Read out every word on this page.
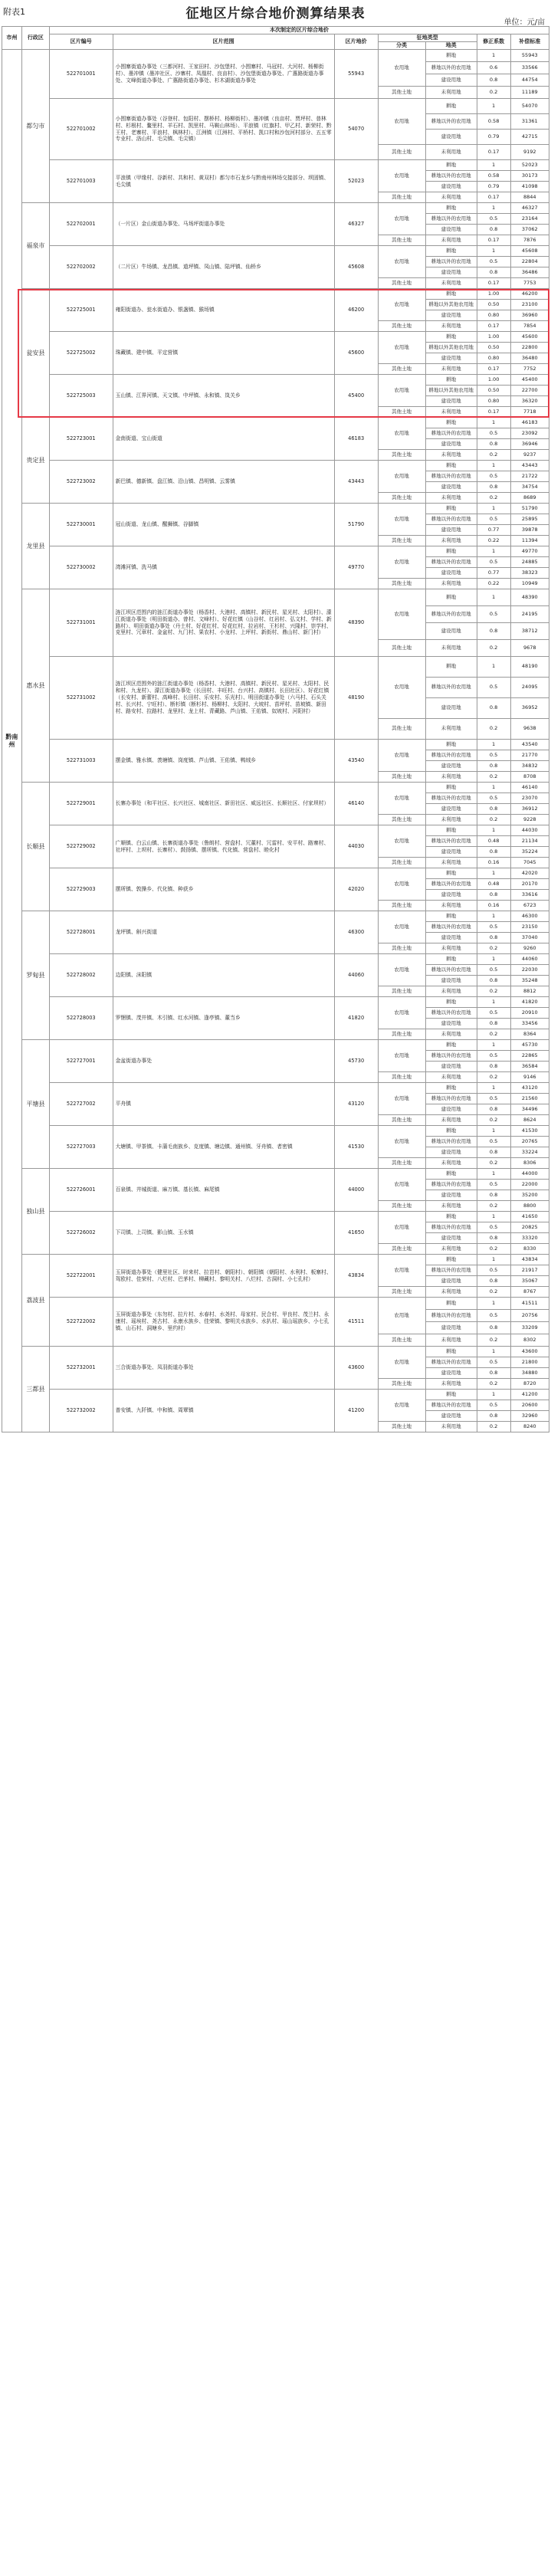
附表1	征地区片综合地价测算结果表
单位：元/亩
市州	行政区	本次制定的区片综合地价						
		区片编号	区片范围	区片地价	征地类型		修正系数	补偿标准
					分类	地类		
黔南州	都匀市	522701001	小围寨街道办事处（三都河村、王家田村、沙包堡村、小围寨村、马冠村、大河村、杨柳街村）、墨冲镇（墨冲社区、沙寨村、凤凰村、良亩村）、沙包堡街道办事处、广惠路街道办事处、文峰街道办事处、广惠路街道办事处、杉木湖街道办事处	55943	农用地	耕地	1	55943
						耕地以外的农用地	0.6	33566
						建设用地	0.8	44754
					其他土地	未利用地	0.2	11189
		522701002	小围寨街道办事处（谷登村、包阳村、摆桥村、杨柳街村）、墨冲镇（良亩村、贾坪村、普林村、杉根村、鳌里村、羊石村、凯里村、马鞍山林场）、平浪镇（红旗村、甲乙村、新荣村、黔王村、老寨村、平浪村、枫林村）、江洲镇（江洲村、平桥村、凯口村和沙包河村部分、五五零专业村、洛山村、毛尖镇、毛尖镇）	54070	农用地	耕地	1	54070
						耕地以外的农用地	0.58	31361
						建设用地	0.79	42715
					其他土地	未利用地	0.17	9192
		522701003	平浪镇（甲缘村、谷新村、共和村、黄双村）都匀市石龙乡与黔南州林场交接部分、坝固镇、毛尖镇	52023	农用地	耕地	1	52023
						耕地以外的农用地	0.58	30173
						建设用地	0.79	41098
					其他土地	未利用地	0.17	8844
	福泉市	522702001	（一片区）金山街道办事处、马场坪街道办事处	46327	农用地	耕地	1	46327
						耕地以外的农用地	0.5	23164
						建设用地	0.8	37062
					其他土地	未利用地	0.17	7876
		522702002	（二片区）牛场镇、龙昌镇、道坪镇、凤山镇、陆坪镇、仙桥乡	45608	农用地	耕地	1	45608
						耕地以外的农用地	0.5	22804
						建设用地	0.8	36486
					其他土地	未利用地	0.17	7753
	瓮安县	522725001	雍阳街道办、瓮水街道办、银盏镇、猴场镇	46200	农用地	耕地	1.00	46200
						耕地以外其他农用地	0.50	23100
						建设用地	0.80	36960
					其他土地	未利用地	0.17	7854
		522725002	珠藏镇、建中镇、平定营镇	45600	农用地	耕地	1.00	45600
						耕地以外其他农用地	0.50	22800
						建设用地	0.80	36480
					其他土地	未利用地	0.17	7752
		522725003	玉山镇、江界河镇、天文镇、中坪镇、永和镇、岚关乡	45400	农用地	耕地	1.00	45400
						耕地以外其他农用地	0.50	22700
						建设用地	0.80	36320
					其他土地	未利用地	0.17	7718
	贵定县	522723001	金南街道、宝山街道	46183	农用地	耕地	1	46183
						耕地以外的农用地	0.5	23092
						建设用地	0.8	36946
					其他土地	未利用地	0.2	9237
		522723002	新巴镇、德新镇、盘江镇、沿山镇、昌明镇、云雾镇	43443	农用地	耕地	1	43443
						耕地以外的农用地	0.5	21722
						建设用地	0.8	34754
					其他土地	未利用地	0.2	8689
	龙里县	522730001	冠山街道、龙山镇、醒狮镇、谷脚镇	51790	农用地	耕地	1	51790
						耕地以外的农用地	0.5	25895
						建设用地	0.77	39878
					其他土地	未利用地	0.22	11394
		522730002	湾滩河镇、洗马镇	49770	农用地	耕地	1	49770
						耕地以外的农用地	0.5	24885
						建设用地	0.77	38323
					其他土地	未利用地	0.22	10949
	惠水县	522731001	涟江坝区范围内的涟江街道办事处（杨香村、大港村、高镇村、新民村、星光村、太阳村）、濛江街道办事处（明田街道办、曾村、文峰村）、好花红镇（山谷村、红岩村、弘文村、学村、新路村）、明田街道办事处（丹土村、好花红村、好花红村、拉岩村、王杉村、兴隆村、崇学村、克里村、冗章村、金盆村、九门村、果农村、小龙村、上坪村、新街村、鼎山村、新门村）	48390	农用地	耕地	1	48390
						耕地以外的农用地	0.5	24195
						建设用地	0.8	38712
					其他土地	未利用地	0.2	9678
		522731002	涟江坝区范围外的涟江街道办事处（杨香村、大港村、高镇村、新民村、星光村、太阳村、民和村、九龙村）、濛江街道办事处（长田村、丰旺村、台兴村、高镇村、长田社区）、好花红镇（长安村、新蕾村、高峰村、长田村、乐安村、乐光村）、明田街道办事处（六马村、石头关村、长兴村、宁旺村）、断杉镇（断杉村、杨柳村、太阳村、大坡村、苗坪村、苗坡镇、新田村、路安村、拉路村、龙里村、龙上村、青藏路、芦山镇、王佑镇、奴坡村、河阳村）	48190	农用地	耕地	1	48190
						耕地以外的农用地	0.5	24095
						建设用地	0.8	36952
					其他土地	未利用地	0.2	9638
		522731003	摆金镇、雅水镇、羡塘镇、岗度镇、芦山镇、王佑镇、鸭绒乡	43540	农用地	耕地	1	43540
						耕地以外的农用地	0.5	21770
						建设用地	0.8	34832
					其他土地	未利用地	0.2	8708
	长顺县	522729001	长寨办事处（和平社区、长兴社区、城南社区、新田社区、威远社区、长顺社区、付家坝村）	46140	农用地	耕地	1	46140
						耕地以外的农用地	0.5	23070
						建设用地	0.8	36912
					其他土地	未利用地	0.2	9228
		522729002	广顺镇、白云山镇、长寨街道办事处（鲁朗村、营盘村、冗董村、冗雷村、安平村、路寨村、社坪村、上坝村、长寨村）、鼓扬镇、摆所镇、代化镇、营盘村、睦化村	44030	农用地	耕地	1	44030
						耕地以外的农用地	0.48	21134
						建设用地	0.8	35224
					其他土地	未利用地	0.16	7045
		522729003	摆所镇、敦操乡、代化镇、种获乡	42020	农用地	耕地	1	42020
						耕地以外的农用地	0.48	20170
						建设用地	0.8	33616
					其他土地	未利用地	0.16	6723
	罗甸县	522728001	龙坪镇、斛兴街道	46300	农用地	耕地	1	46300
						耕地以外的农用地	0.5	23150
						建设用地	0.8	37040
					其他土地	未利用地	0.2	9260
		522728002	边阳镇、沫阳镇	44060	农用地	耕地	1	44060
						耕地以外的农用地	0.5	22030
						建设用地	0.8	35248
					其他土地	未利用地	0.2	8812
		522728003	罗悃镇、茂井镇、木引镇、红水河镇、逢亭镇、董当乡	41820	农用地	耕地	1	41820
						耕地以外的农用地	0.5	20910
						建设用地	0.8	33456
					其他土地	未利用地	0.2	8364
	平塘县	522727001	金盆街道办事处	45730	农用地	耕地	1	45730
						耕地以外的农用地	0.5	22865
						建设用地	0.8	36584
					其他土地	未利用地	0.2	9146
		522727002	平舟镇	43120	农用地	耕地	1	43120
						耕地以外的农用地	0.5	21560
						建设用地	0.8	34496
					其他土地	未利用地	0.2	8624
		522727003	大塘镇、甲茶镇、卡蒲毛南族乡、克度镇、塘边镇、通州镇、牙舟镇、者密镇	41530	农用地	耕地	1	41530
						耕地以外的农用地	0.5	20765
						建设用地	0.8	33224
					其他土地	未利用地	0.2	8306
	独山县	522726001	百泉镇、井城街道、麻万镇、基长镇、麻尾镇	44000	农用地	耕地	1	44000
						耕地以外的农用地	0.5	22000
						建设用地	0.8	35200
					其他土地	未利用地	0.2	8800
		522726002	下司镇、上司镇、影山镇、玉水镇	41650	农用地	耕地	1	41650
						耕地以外的农用地	0.5	20825
						建设用地	0.8	33320
					其他土地	未利用地	0.2	8330
	荔波县	522722001	玉屏街道办事处（健里社区、时来村、拉岜村、朝阳村）、朝阳镇（朝阳村、水利村、板寨村、驾欧村、佳荣村、八烂村、巴茅村、柳藏村、黎明关村、八烂村、古洞村、小七孔村）	43834	农用地	耕地	1	43834
						耕地以外的农用地	0.5	21917
						建设用地	0.8	35067
					其他土地	未利用地	0.2	8767
		522722002	玉屏街道办事处（东勿村、拉片村、水春村、水尧村、母家村、民合村、甲良村、茂兰村、永康村、瑶埃村、尧古村、永康水族乡、佳荣镇、黎明关水族乡、水扒村、瑶山瑶族乡、小七孔镇、山石村、洞塘乡、里约村）	41511	农用地	耕地	1	41511
						耕地以外的农用地	0.5	20756
						建设用地	0.8	33209
					其他土地	未利用地	0.2	8302
	三都县	522732001	三合街道办事处、凤羽街道办事处	43600	农用地	耕地	1	43600
						耕地以外的农用地	0.5	21800
						建设用地	0.8	34880
					其他土地	未利用地	0.2	8720
		522732002	普安镇、九阡镇、中和镇、周覃镇	41200	农用地	耕地	1	41200
						耕地以外的农用地	0.5	20600
						建设用地	0.8	32960
					其他土地	未利用地	0.2	8240
